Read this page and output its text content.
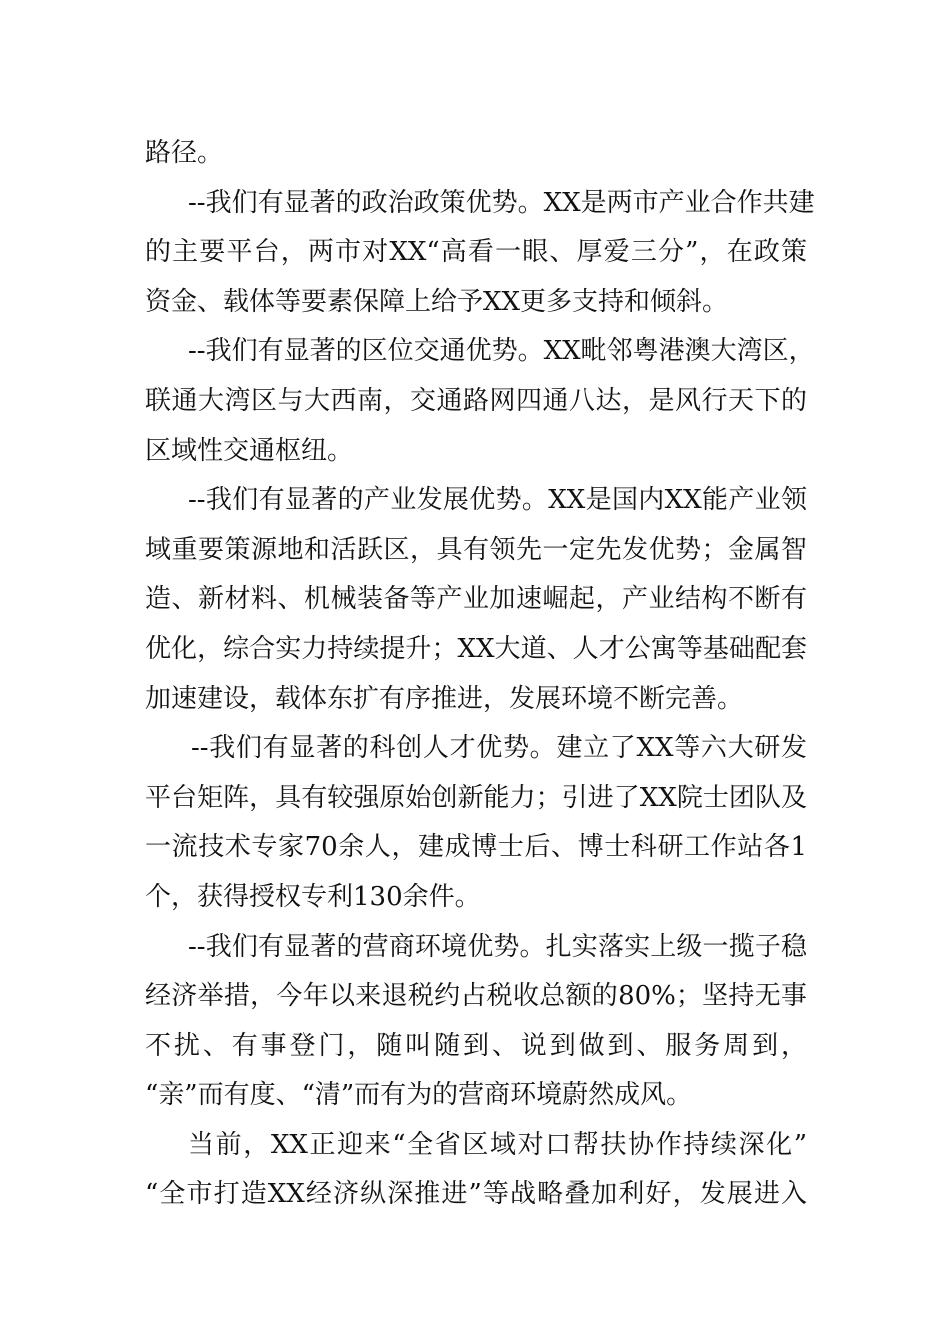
路径。
--我们有显著的政治政策优势。XX是两市产业合作共建
的主要平台，两市对XX“高看一眼、厚爱三分”，在政策
资金、载体等要素保障上给予XX更多支持和倾斜。
--我们有显著的区位交通优势。XX毗邻粤港澳大湾区，
联通大湾区与大西南，交通路网四通八达，是风行天下的
区域性交通枢纽。
--我们有显著的产业发展优势。XX是国内XX能产业领
域重要策源地和活跃区，具有领先一定先发优势；金属智
造、新材料、机械装备等产业加速崛起，产业结构不断有
优化，综合实力持续提升；XX大道、人才公寓等基础配套
加速建设，载体东扩有序推进，发展环境不断完善。
--我们有显著的科创人才优势。建立了XX等六大研发
平台矩阵，具有较强原始创新能力；引进了XX院士团队及
一流技术专家70余人，建成博士后、博士科研工作站各1
个，获得授权专利130余件。
--我们有显著的营商环境优势。扎实落实上级一揽子稳
经济举措，今年以来退税约占税收总额的80%；坚持无事
不扰、有事登门，随叫随到、说到做到、服务周到，
“亲”而有度、“清”而有为的营商环境蔚然成风。
当前，XX正迎来“全省区域对口帮扶协作持续深化”
“全市打造XX经济纵深推进”等战略叠加利好，发展进入
